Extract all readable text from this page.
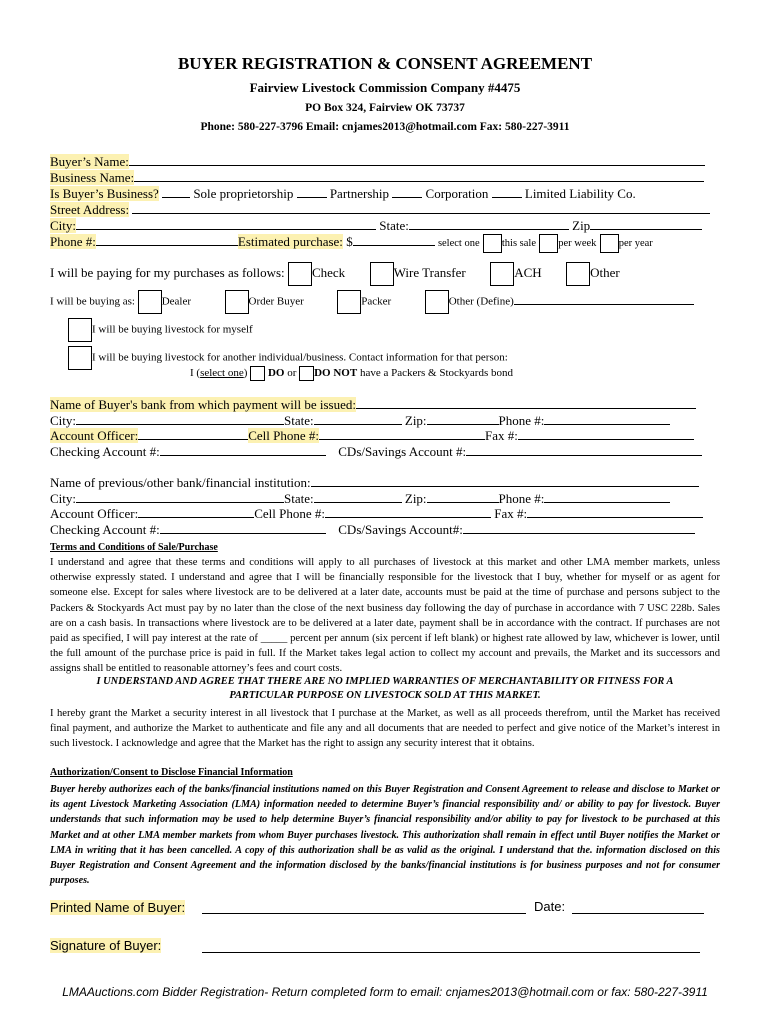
BUYER REGISTRATION & CONSENT AGREEMENT
Fairview Livestock Commission Company #4475
PO Box 324, Fairview OK 73737
Phone: 580-227-3796 Email: cnjames2013@hotmail.com Fax: 580-227-3911
Buyer’s Name:
Business Name:
Is Buyer’s Business?	Sole proprietorship	Partnership	Corporation	Limited Liability Co.
Street Address:
City:	State:	Zip
Phone #:	Estimated purchase: $	select one this sale per week per year
I will be paying for my purchases as follows: Check	Wire Transfer	ACH	Other
I will be buying as: Dealer	Order Buyer	Packer	Other (Define)
I will be buying livestock for myself
I will be buying livestock for another individual/business. Contact information for that person:
I (select one) DO or DO NOT have a Packers & Stockyards bond
Name of Buyer's bank from which payment will be issued:
City:	State:	Zip:	Phone #:
Account Officer:	Cell Phone #:	Fax #:
Checking Account #:	CDs/Savings Account #:
Name of previous/other bank/financial institution:
City:	State:	Zip:	Phone #:
Account Officer:	Cell Phone #:	Fax #:
Checking Account #:	CDs/Savings Account#:
Terms and Conditions of Sale/Purchase
I understand and agree that these terms and conditions will apply to all purchases of livestock at this market and other LMA member markets, unless otherwise expressly stated. I understand and agree that I will be financially responsible for the livestock that I buy, whether for myself or as agent for someone else. Except for sales where livestock are to be delivered at a later date, accounts must be paid at the time of purchase and persons subject to the Packers & Stockyards Act must pay by no later than the close of the next business day following the day of purchase in accordance with 7 USC 228b. Sales are on a cash basis. In transactions where livestock are to be delivered at a later date, payment shall be in accordance with the contract. If purchases are not paid as specified, I will pay interest at the rate of _____ percent per annum (six percent if left blank) or highest rate allowed by law, whichever is lower, until the full amount of the purchase price is paid in full. If the Market takes legal action to collect my account and prevails, the Market and its successors and assigns shall be entitled to reasonable attorney’s fees and court costs.
I UNDERSTAND AND AGREE THAT THERE ARE NO IMPLIED WARRANTIES OF MERCHANTABILITY OR FITNESS FOR A
PARTICULAR PURPOSE ON LIVESTOCK SOLD AT THIS MARKET.
I hereby grant the Market a security interest in all livestock that I purchase at the Market, as well as all proceeds therefrom, until the Market has received final payment, and authorize the Market to authenticate and file any and all documents that are needed to perfect and give notice of the Market’s interest in such livestock. I acknowledge and agree that the Market has the right to assign any security interest that it obtains.
Authorization/Consent to Disclose Financial Information
Buyer hereby authorizes each of the banks/financial institutions named on this Buyer Registration and Consent Agreement to release and disclose to Market or its agent Livestock Marketing Association (LMA) information needed to determine Buyer’s financial responsibility and/ or ability to pay for livestock. Buyer understands that such information may be used to help determine Buyer’s financial responsibility and/or ability to pay for livestock to be purchased at this Market and at other LMA member markets from whom Buyer purchases livestock. This authorization shall remain in effect until Buyer notifies the Market or LMA in writing that it has been cancelled. A copy of this authorization shall be as valid as the original. I understand that the. information disclosed on this Buyer Registration and Consent Agreement and the information disclosed by the banks/financial institutions is for business purposes and not for consumer purposes.
Printed Name of Buyer:	Date:
Signature of Buyer:
LMAAuctions.com Bidder Registration- Return completed form to email: cnjames2013@hotmail.com or fax: 580-227-3911
